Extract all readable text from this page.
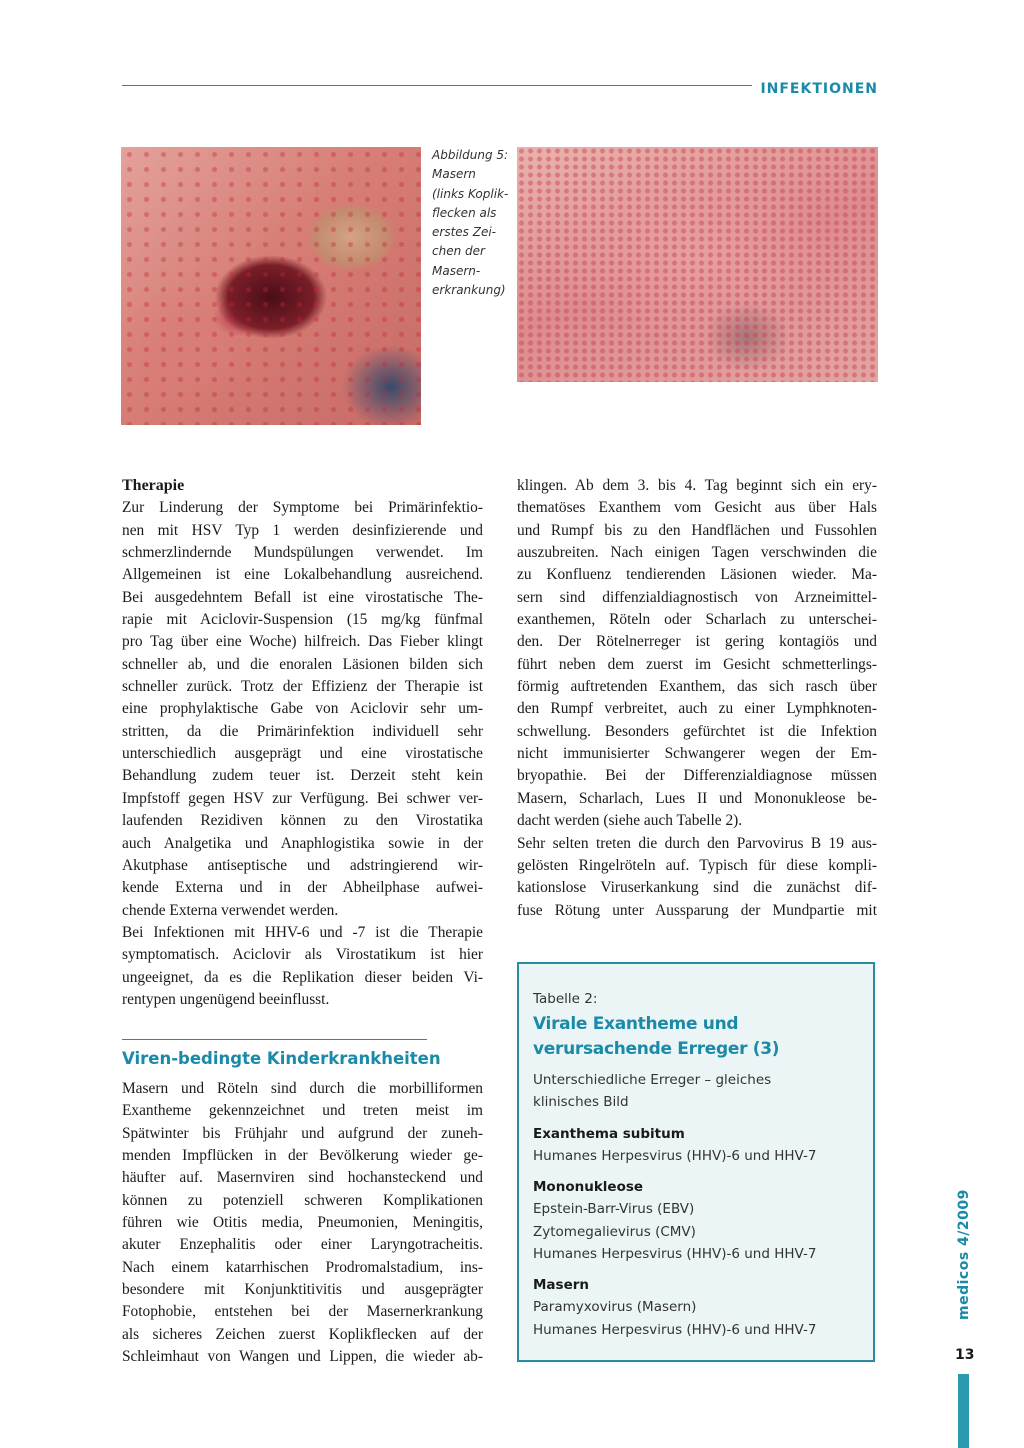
INFEKTIONEN
Abbildung 5:
Masern
(links Koplik-
flecken als
erstes Zei-
chen der
Masern-
erkrankung)
Therapie
Zur Linderung der Symptome bei Primärinfektio-
nen mit HSV Typ 1 werden desinfizierende und
schmerzlindernde Mundspülungen verwendet. Im
Allgemeinen ist eine Lokalbehandlung ausreichend.
Bei ausgedehntem Befall ist eine virostatische The-
rapie mit Aciclovir-Suspension (15 mg/kg fünfmal
pro Tag über eine Woche) hilfreich. Das Fieber klingt
schneller ab, und die enoralen Läsionen bilden sich
schneller zurück. Trotz der Effizienz der Therapie ist
eine prophylaktische Gabe von Aciclovir sehr um-
stritten, da die Primärinfektion individuell sehr
unterschiedlich ausgeprägt und eine virostatische
Behandlung zudem teuer ist. Derzeit steht kein
Impfstoff gegen HSV zur Verfügung. Bei schwer ver-
laufenden Rezidiven können zu den Virostatika
auch Analgetika und Anaphlogistika sowie in der
Akutphase antiseptische und adstringierend wir-
kende Externa und in der Abheilphase aufwei-
chende Externa verwendet werden.
Bei Infektionen mit HHV-6 und -7 ist die Therapie
symptomatisch. Aciclovir als Virostatikum ist hier
ungeeignet, da es die Replikation dieser beiden Vi-
rentypen ungenügend beeinflusst.
Viren-bedingte Kinderkrankheiten
Masern und Röteln sind durch die morbilliformen
Exantheme gekennzeichnet und treten meist im
Spätwinter bis Frühjahr und aufgrund der zuneh-
menden Impflücken in der Bevölkerung wieder ge-
häufter auf. Masernviren sind hochansteckend und
können zu potenziell schweren Komplikationen
führen wie Otitis media, Pneumonien, Meningitis,
akuter Enzephalitis oder einer Laryngotracheitis.
Nach einem katarrhischen Prodromalstadium, ins-
besondere mit Konjunktitivitis und ausgeprägter
Fotophobie, entstehen bei der Masernerkrankung
als sicheres Zeichen zuerst Koplikflecken auf der
Schleimhaut von Wangen und Lippen, die wieder ab-
klingen. Ab dem 3. bis 4. Tag beginnt sich ein ery-
thematöses Exanthem vom Gesicht aus über Hals
und Rumpf bis zu den Handflächen und Fussohlen
auszubreiten. Nach einigen Tagen verschwinden die
zu Konfluenz tendierenden Läsionen wieder. Ma-
sern sind diffenzialdiagnostisch von Arzneimittel-
exanthemen, Röteln oder Scharlach zu unterschei-
den. Der Rötelnerreger ist gering kontagiös und
führt neben dem zuerst im Gesicht schmetterlings-
förmig auftretenden Exanthem, das sich rasch über
den Rumpf verbreitet, auch zu einer Lymphknoten-
schwellung. Besonders gefürchtet ist die Infektion
nicht immunisierter Schwangerer wegen der Em-
bryopathie. Bei der Differenzialdiagnose müssen
Masern, Scharlach, Lues II und Mononukleose be-
dacht werden (siehe auch Tabelle 2).
Sehr selten treten die durch den Parvovirus B 19 aus-
gelösten Ringelröteln auf. Typisch für diese kompli-
kationslose Viruserkankung sind die zunächst dif-
fuse Rötung unter Aussparung der Mundpartie mit
Tabelle 2:
Virale Exantheme und verursachende Erreger (3)
Unterschiedliche Erreger – gleiches klinisches Bild
Exanthema subitum
Humanes Herpesvirus (HHV)-6 und HHV-7
Mononukleose
Epstein-Barr-Virus (EBV)
Zytomegalievirus (CMV)
Humanes Herpesvirus (HHV)-6 und HHV-7
Masern
Paramyxovirus (Masern)
Humanes Herpesvirus (HHV)-6 und HHV-7
medicos 4/2009
13
